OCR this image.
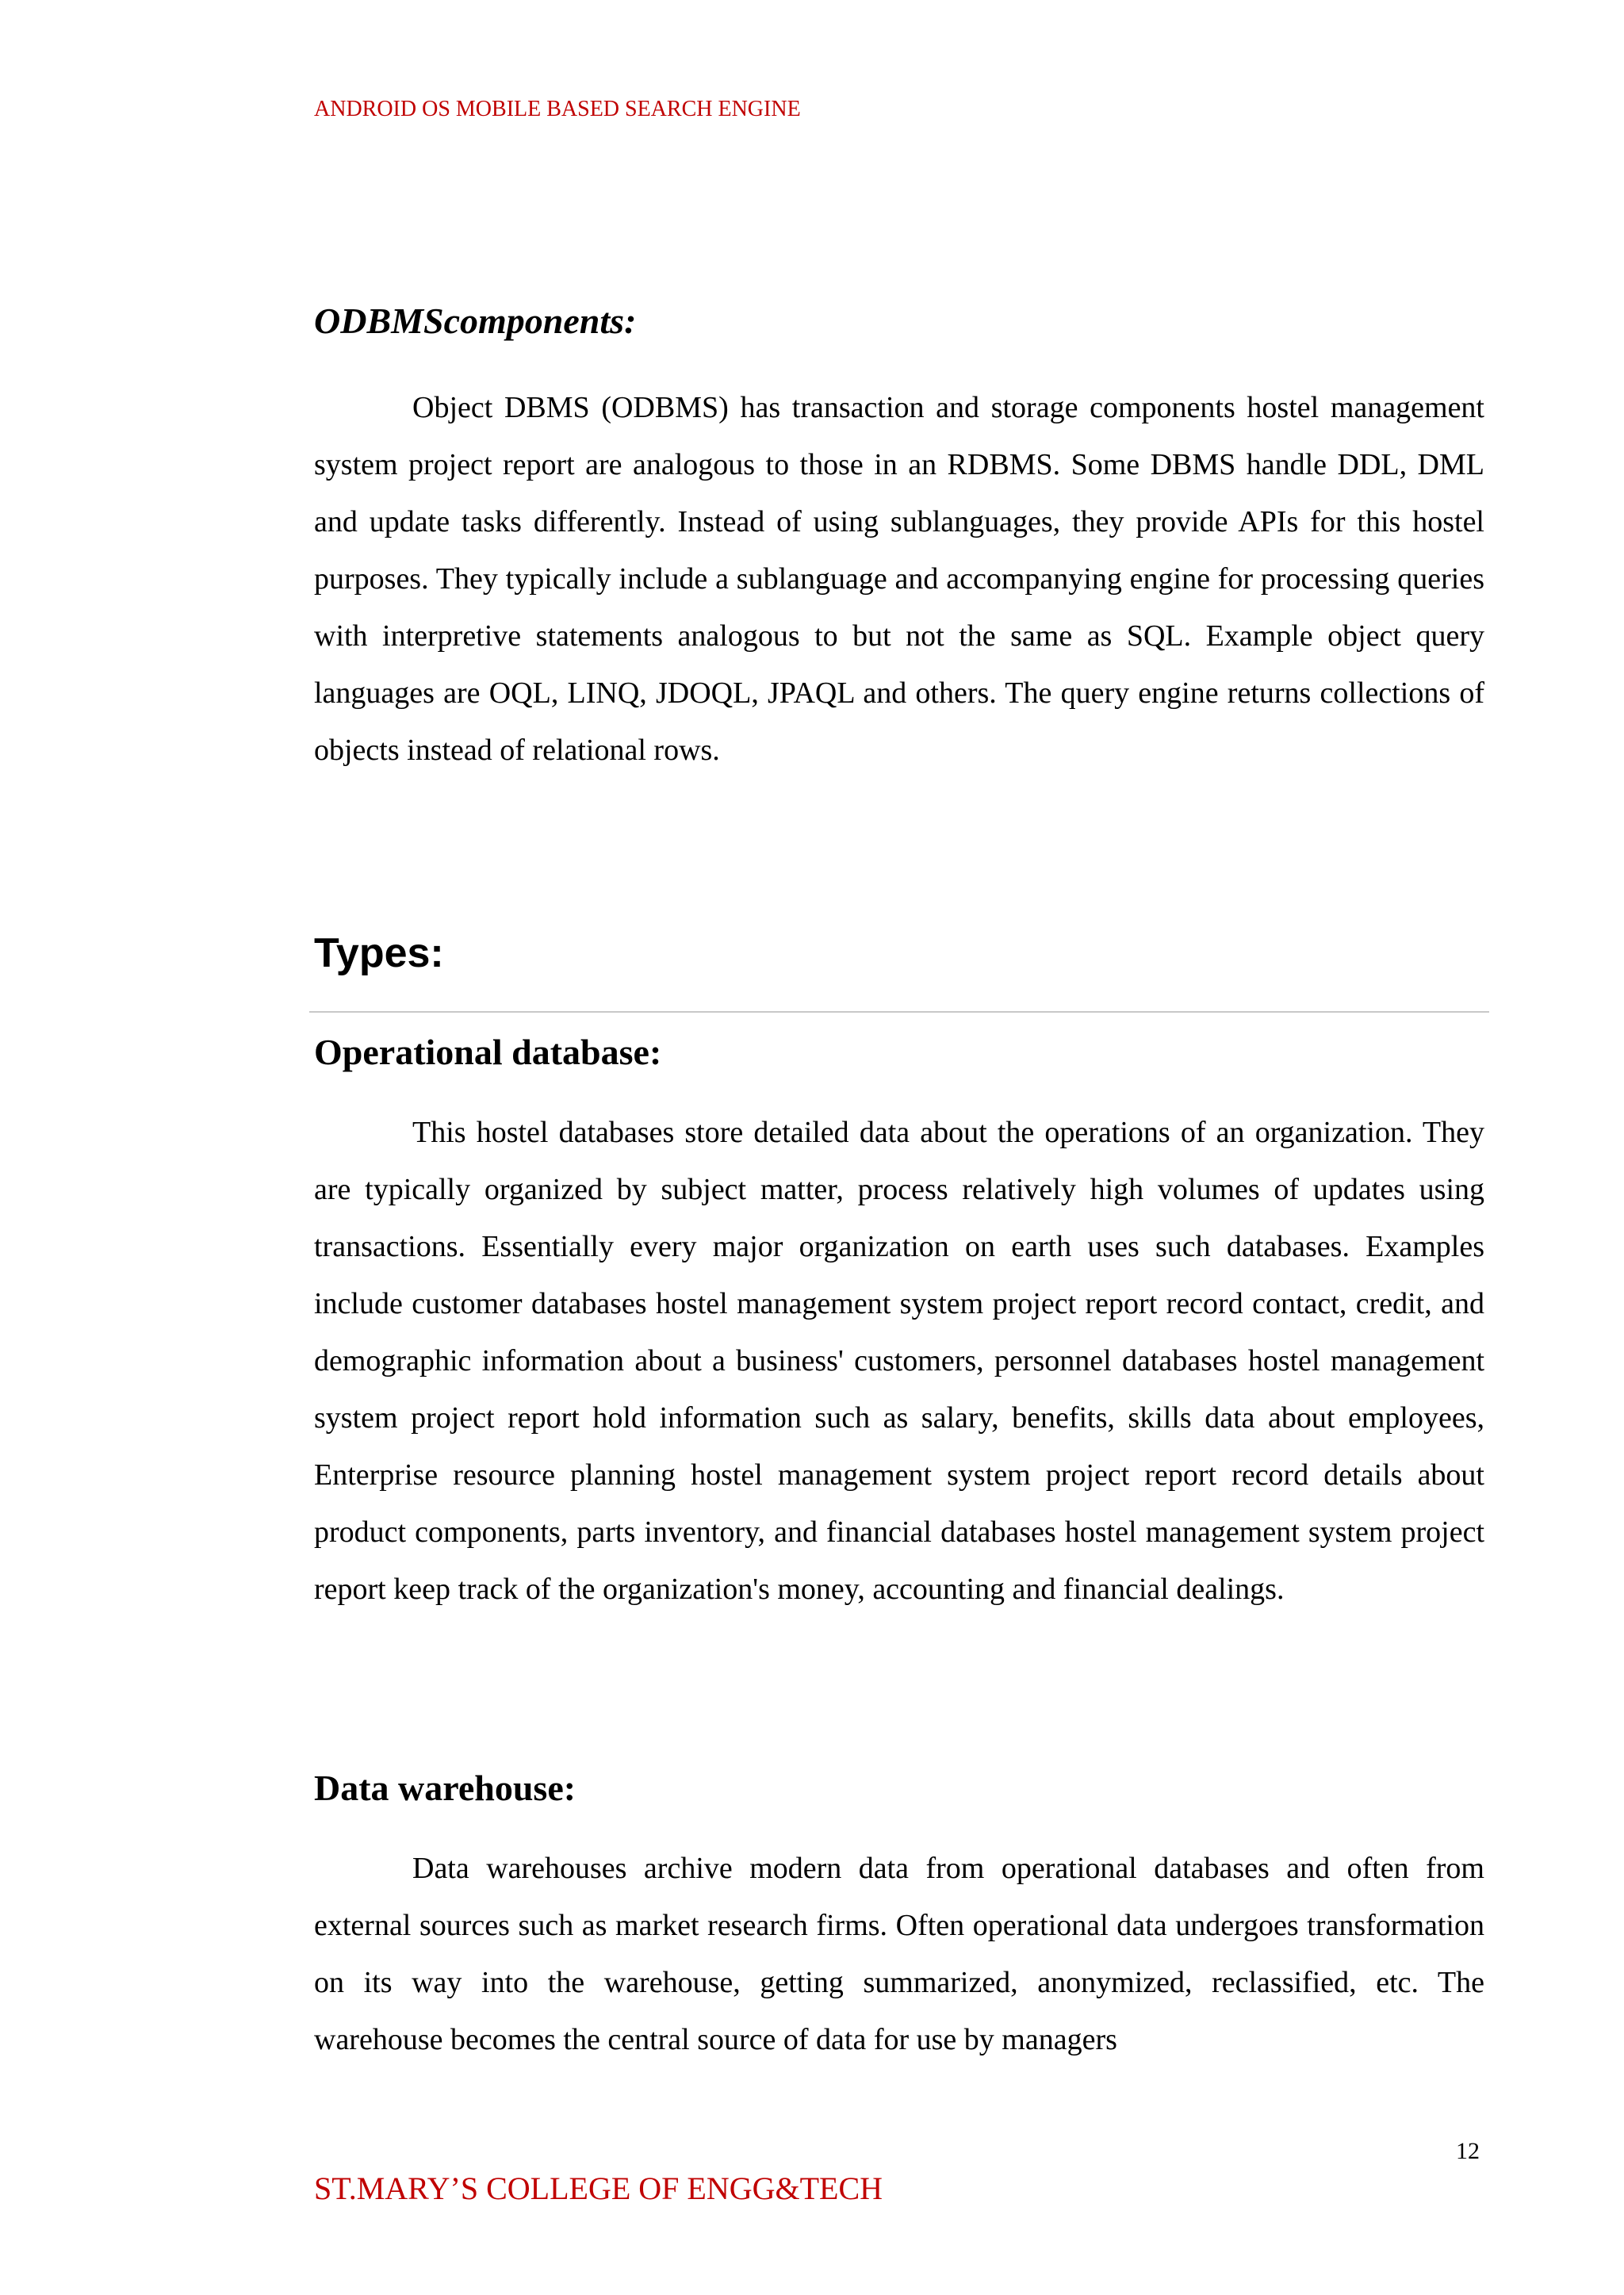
ANDROID OS MOBILE BASED SEARCH ENGINE
ODBMScomponents:

Object DBMS (ODBMS) has transaction and storage components hostel management system project report are analogous to those in an RDBMS. Some DBMS handle DDL, DML and update tasks differently. Instead of using sublanguages, they provide APIs for this hostel purposes. They typically include a sublanguage and accompanying engine for processing queries with interpretive statements analogous to but not the same as SQL. Example object query languages are OQL, LINQ, JDOQL, JPAQL and others. The query engine returns collections of objects instead of relational rows.

Types:
Operational database:

This hostel databases store detailed data about the operations of an organization. They are typically organized by subject matter, process relatively high volumes of updates using transactions. Essentially every major organization on earth uses such databases. Examples include customer databases hostel management system project report record contact, credit, and demographic information about a business' customers, personnel databases hostel management system project report hold information such as salary, benefits, skills data about employees, Enterprise resource planning hostel management system project report record details about product components, parts inventory, and financial databases hostel management system project report keep track of the organization's money, accounting and financial dealings.

Data warehouse:

Data warehouses archive modern data from operational databases and often from external sources such as market research firms. Often operational data undergoes transformation on its way into the warehouse, getting summarized, anonymized, reclassified, etc. The warehouse becomes the central source of data for use by managers

12
ST.MARY’S COLLEGE OF ENGG&TECH
